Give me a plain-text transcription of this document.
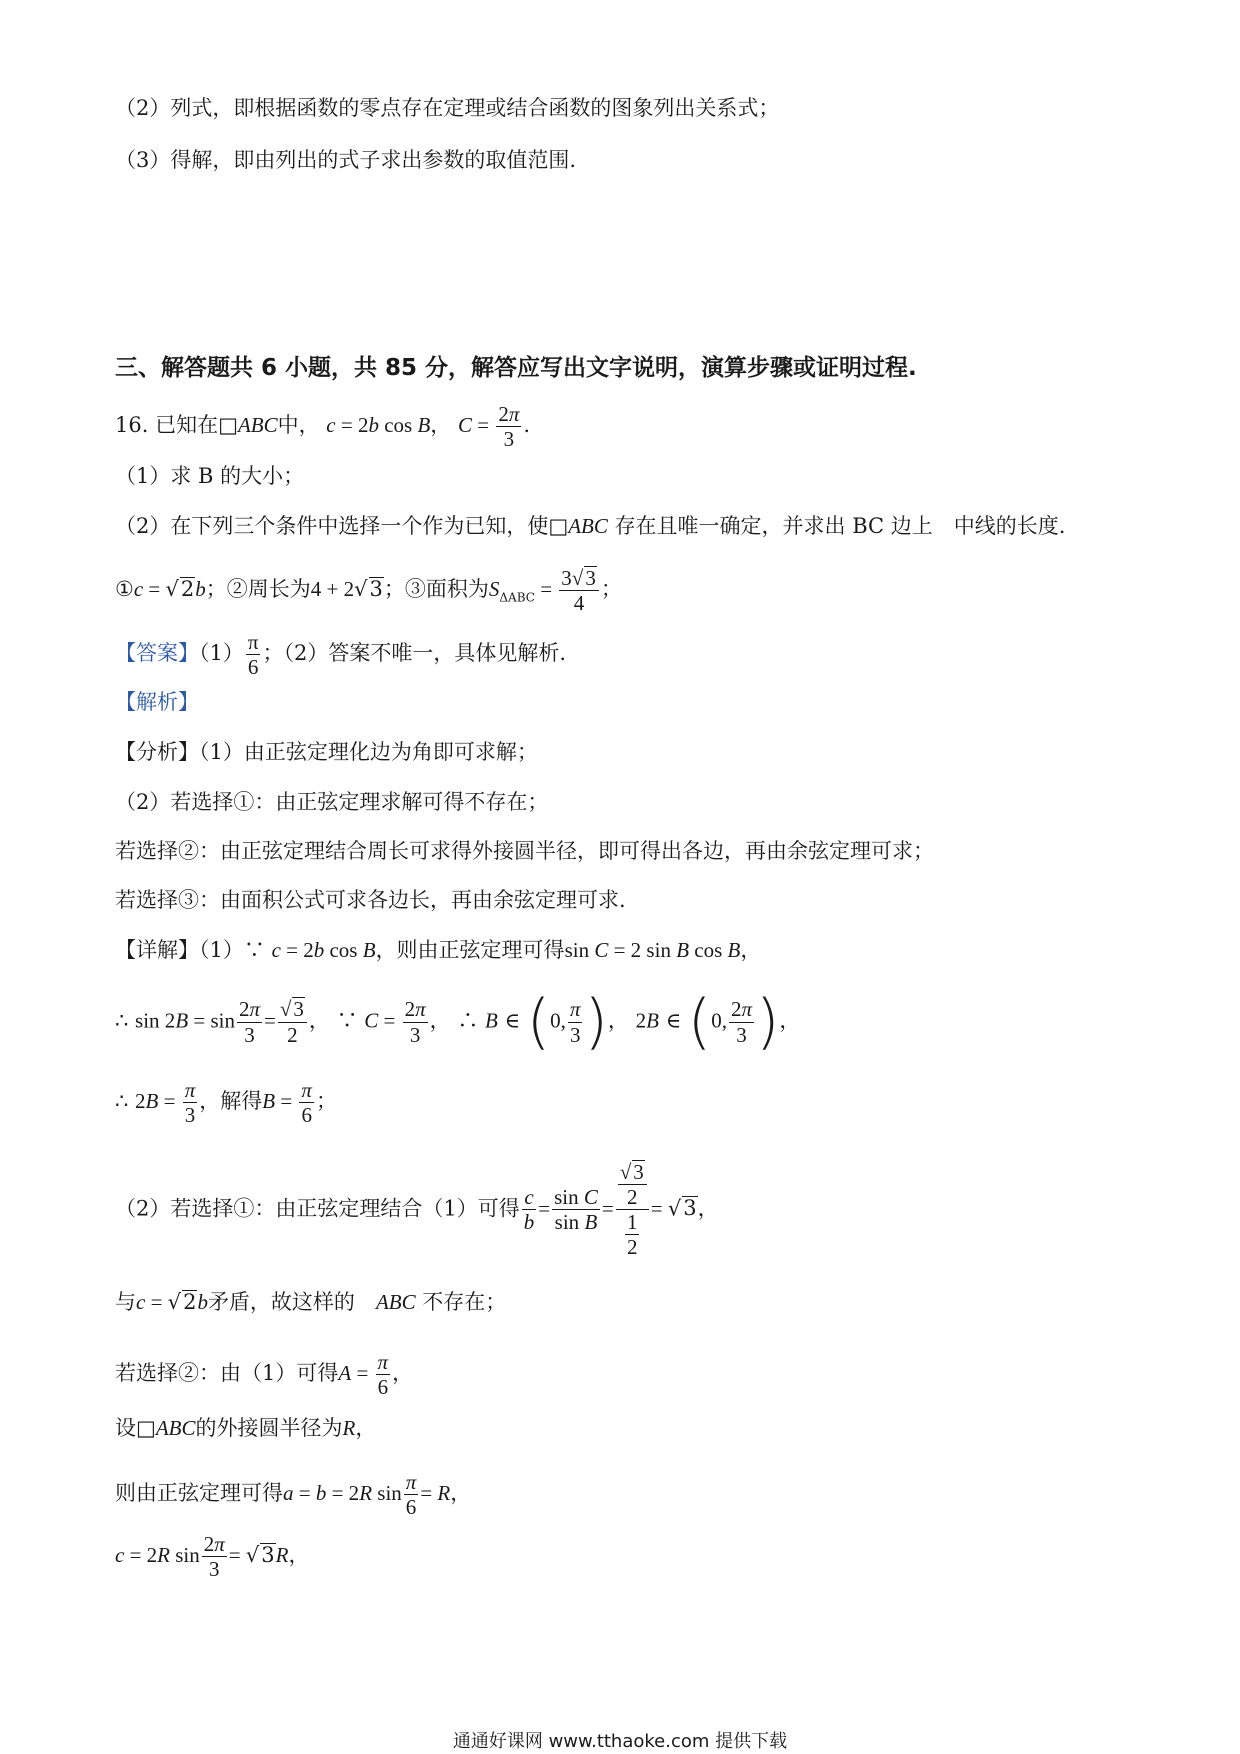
（2）列式，即根据函数的零点存在定理或结合函数的图象列出关系式；
（3）得解，即由列出的式子求出参数的取值范围.
三、解答题共 6 小题，共 85 分，解答应写出文字说明，演算步骤或证明过程.
16. 已知在□ABC中， c = 2b cos B， $C = \frac{2\pi}{3}$ .
（1）求 B 的大小；
（2）在下列三个条件中选择一个作为已知，使□ABC 存在且唯一确定，并求出 BC 边上　中线的长度.
①c = √2b；②周长为4 + 2√3；③面积为$S_{\Delta ABC} = \frac{3√3}{4}$ ；
【答案】$(1) \frac{\pi}{6}$ ；（2）答案不唯一，具体见解析.
【解析】
【分析】（1）由正弦定理化边为角即可求解；
（2）若选择①：由正弦定理求解可得不存在；
若选择②：由正弦定理结合周长可求得外接圆半径，即可得出各边，再由余弦定理可求；
若选择③：由面积公式可求各边长，再由余弦定理可求.
【详解】（1）∵ c = 2b cos B，则由正弦定理可得sin C = 2 sin B cos B，
∴ $\sin 2B = \sin \frac{2\pi}{3} = \frac{√3}{2}$ ， ∵ $C = \frac{2\pi}{3}$ ， ∴ B ∈ (0, $\frac{\pi}{3}$ )， 2B ∈ (0, $\frac{2\pi}{3}$ )，
∴ $2B = \frac{\pi}{3}$ ，解得$B = \frac{\pi}{6}$ ；
（2）若选择①：由正弦定理结合（1）可得 $\frac{c}{b} = \frac{\text{sin C}}{\text{sin B}} = \frac{\frac{√3}{2}}{\frac{1}{2}} = √3$，
与c = √2b矛盾，故这样的　 ABC 不存在；
若选择②：由（1）可得$A = \frac{\pi}{6}$ ，
设□ABC的外接圆半径为R，
则由正弦定理可得a = b = 2R $\sin \frac{\pi}{6} = R$，
c = 2R $\sin \frac{2\pi}{3} = √3R$，
通通好课网 www.tthaoke.com 提供下载
